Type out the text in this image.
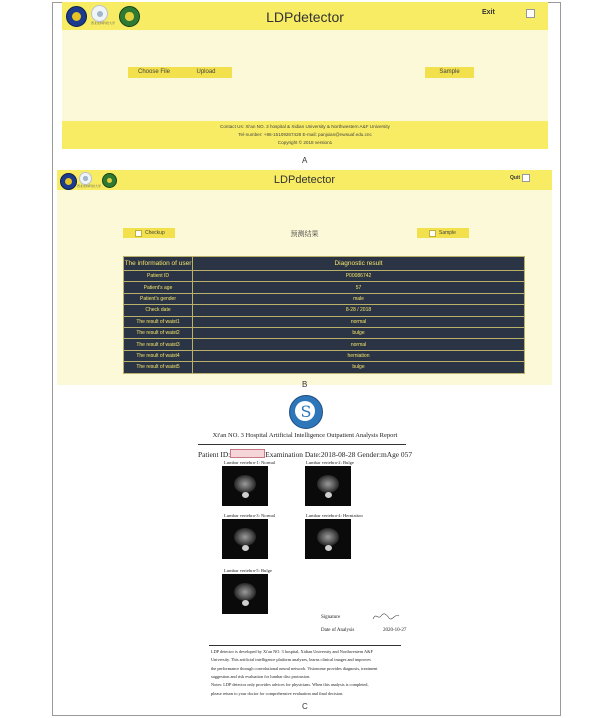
西北农林科技大学	LDPdetector	Exit
Choose File	Upload	Sample
Contact Us: Xi'an NO. 3 hospital & Xidian University & Northwestern A&F University
Tel-number: +86-15109267428 E-mail: panjxian@nwsuaf.edu.cnc
Copyright © 2018 version1
A
西北农林科技大学	LDPdetector	Quit
Checkup	预测结果	Sample
The information of user	Diagnostic result
Patient ID	P00086742
Patient's age	57
Patient's gender	male
Check date	8-28 / 2018
The result of waist1	normal
The result of waist2	bulge
The result of waist3	normal
The result of waist4	herniation
The result of waist5	bulge
B
S
Xi'an NO. 3 Hospital Artificial Intelligence Outpatient Analysis Report
Patient ID:	Examination Date:2018-08-28 Gender:mAge 057
Lumbar vertebra-1: Normal	Lumbar vertebra-2: Bulge
Lumbar vertebra-3: Normal	Lumbar vertebra-4: Herniation
Lumbar vertebra-5: Bulge
Signature
Date of Analysis	2020-10-27
LDP detector is developed by Xi'an NO. 3 hospital, Xidian University and Northwestern A&F
University. This artificial intelligence platform analyzes, learns clinical images and improves
the performance through convolutional neural network. Visionome provides diagnosis, treatment
suggestion and risk evaluation for lumbar disc protrusion.
Notes: LDP detector only provides advices for physicians. When this analysis is completed,
please return to your doctor for comprehensive evaluation and final decision.
C
